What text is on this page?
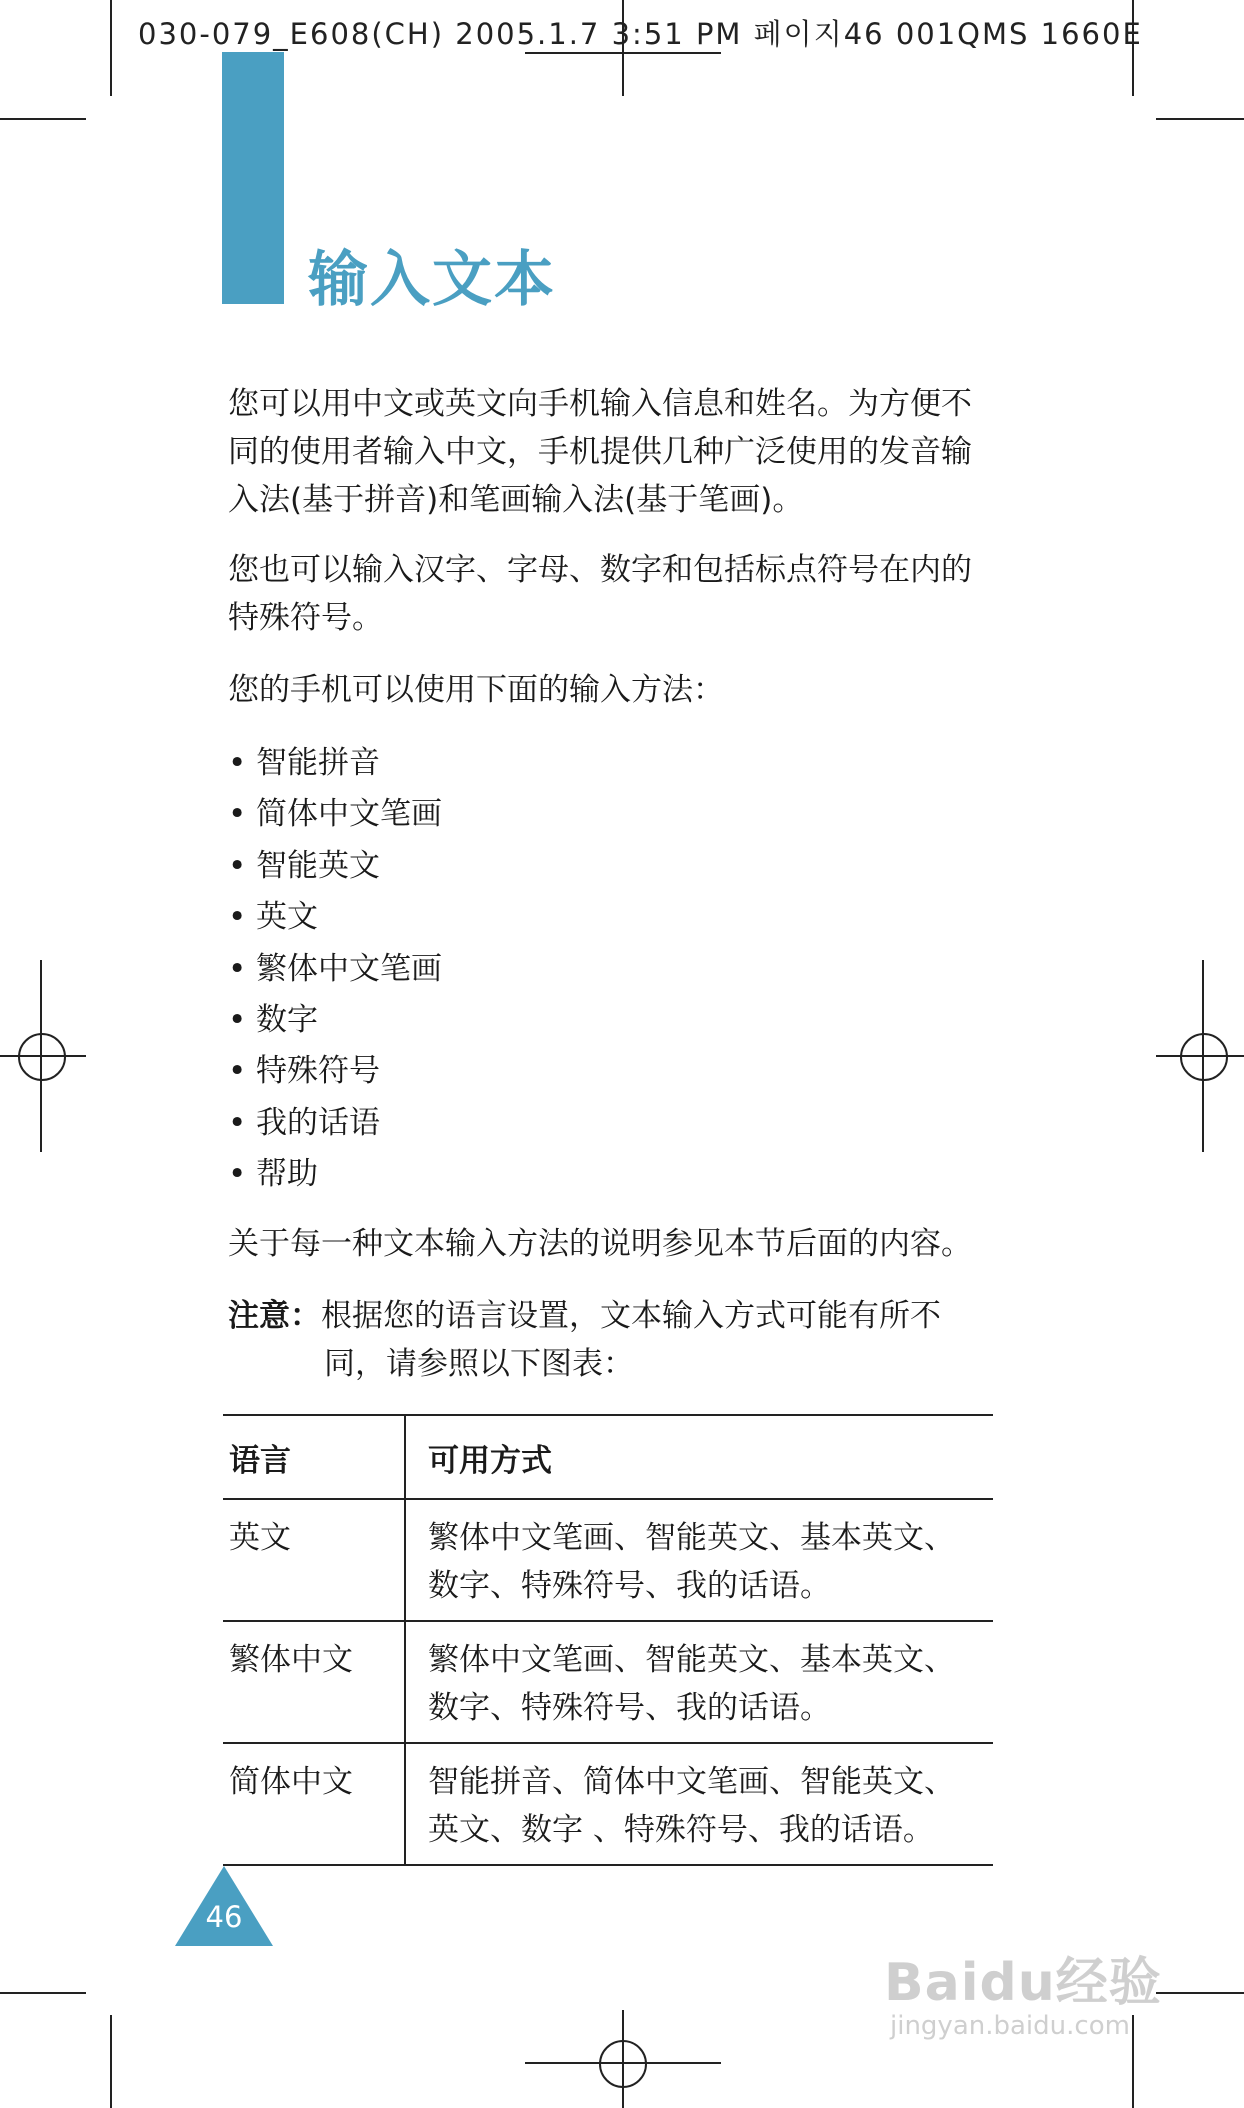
030-079_E608(CH) 2005.1.7 3:51 PM 페이지46 001QMS 1660E
输入文本

您可以用中文或英文向手机输入信息和姓名。为方便不同的使用者输入中文，手机提供几种广泛使用的发音输入法(基于拼音)和笔画输入法(基于笔画)。

您也可以输入汉字、字母、数字和包括标点符号在内的特殊符号。

您的手机可以使用下面的输入方法：

• 智能拼音
• 简体中文笔画
• 智能英文
• 英文
• 繁体中文笔画
• 数字
• 特殊符号
• 我的话语
• 帮助

关于每一种文本输入方法的说明参见本节后面的内容。

注意：根据您的语言设置，文本输入方式可能有所不
同，请参照以下图表：
语言	可用方式
英文	繁体中文笔画、智能英文、基本英文、
数字、特殊符号、我的话语。

繁体中文	繁体中文笔画、智能英文、基本英文、
数字、特殊符号、我的话语。

简体中文	智能拼音、简体中文笔画、智能英文、
英文、数字 、特殊符号、我的话语。
46
Baidu经验
jingyan.baidu.com
